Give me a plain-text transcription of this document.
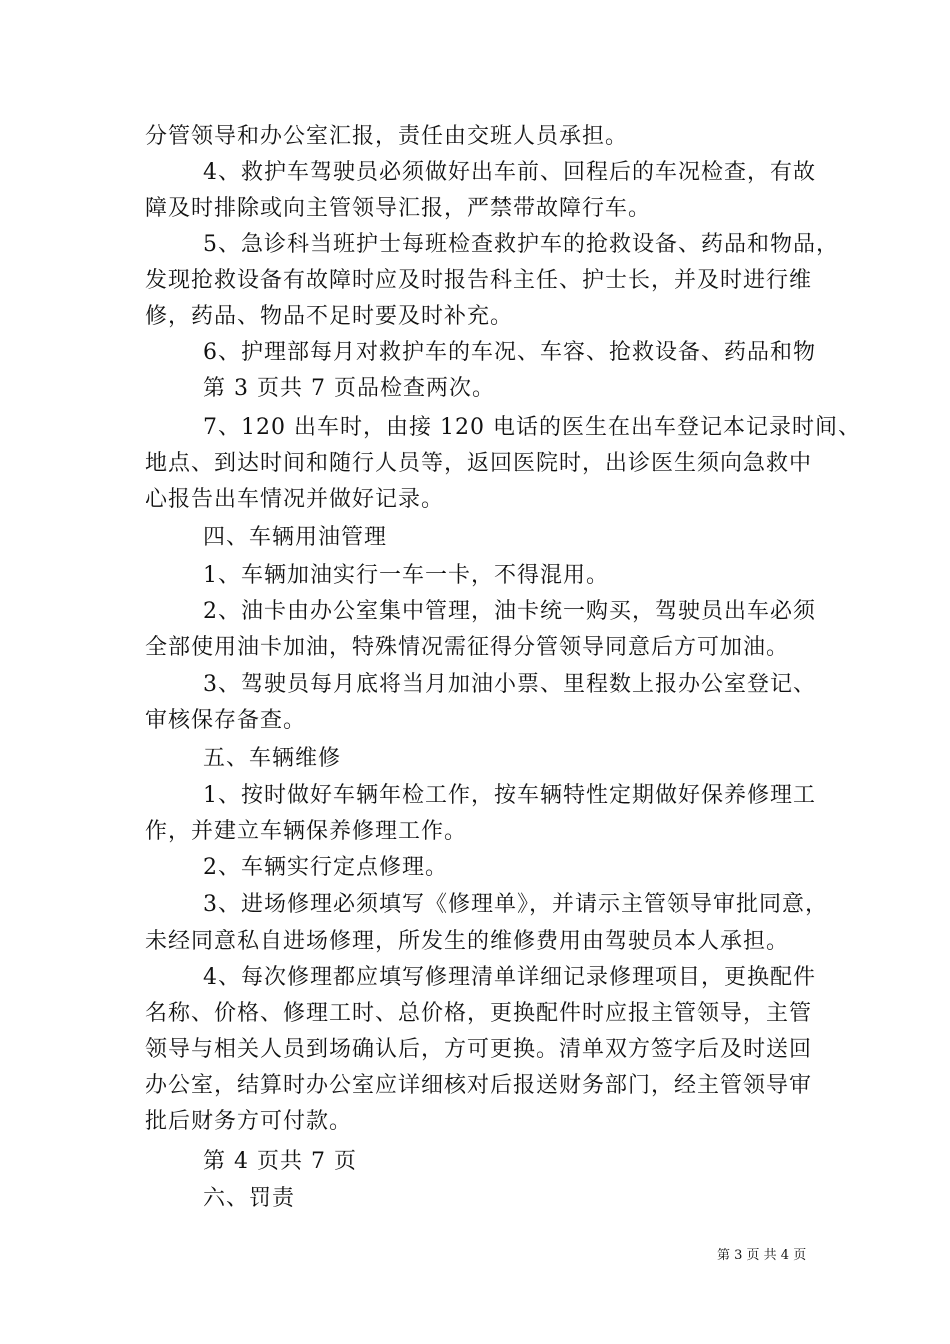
分管领导和办公室汇报，责任由交班人员承担。
4、救护车驾驶员必须做好出车前、回程后的车况检查，有故
障及时排除或向主管领导汇报，严禁带故障行车。
5、急诊科当班护士每班检查救护车的抢救设备、药品和物品，
发现抢救设备有故障时应及时报告科主任、护士长，并及时进行维
修，药品、物品不足时要及时补充。
6、护理部每月对救护车的车况、车容、抢救设备、药品和物
第 3 页共 7 页品检查两次。
7、120 出车时，由接 120 电话的医生在出车登记本记录时间、
地点、到达时间和随行人员等，返回医院时，出诊医生须向急救中
心报告出车情况并做好记录。
四、车辆用油管理
1、车辆加油实行一车一卡，不得混用。
2、油卡由办公室集中管理，油卡统一购买，驾驶员出车必须
全部使用油卡加油，特殊情况需征得分管领导同意后方可加油。
3、驾驶员每月底将当月加油小票、里程数上报办公室登记、
审核保存备查。
五、车辆维修
1、按时做好车辆年检工作，按车辆特性定期做好保养修理工
作，并建立车辆保养修理工作。
2、车辆实行定点修理。
3、进场修理必须填写《修理单》，并请示主管领导审批同意，
未经同意私自进场修理，所发生的维修费用由驾驶员本人承担。
4、每次修理都应填写修理清单详细记录修理项目，更换配件
名称、价格、修理工时、总价格，更换配件时应报主管领导，主管
领导与相关人员到场确认后，方可更换。清单双方签字后及时送回
办公室，结算时办公室应详细核对后报送财务部门，经主管领导审
批后财务方可付款。
第 4 页共 7 页
六、罚责
第 3 页 共 4 页
